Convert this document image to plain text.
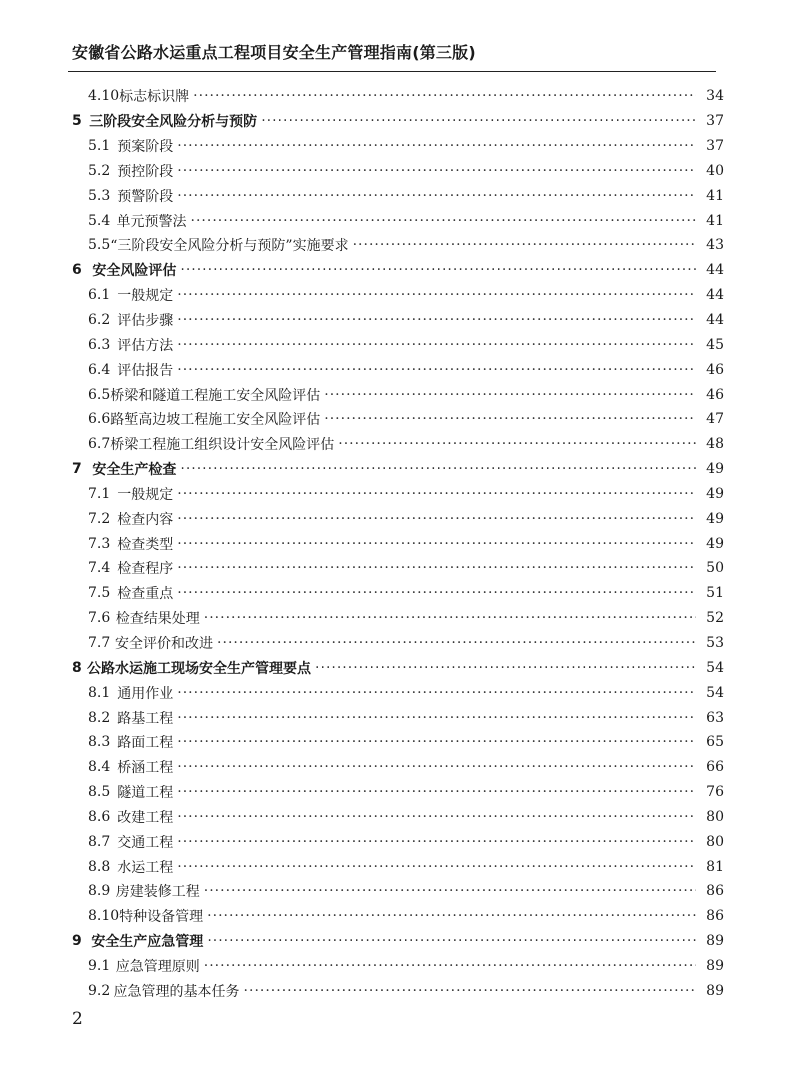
安徽省公路水运重点工程项目安全生产管理指南(第三版)
4.10 标志标识牌 ·····	34
5 三阶段安全风险分析与预防 ·····	37
5.1 预案阶段 ·····	37
5.2 预控阶段 ·····	40
5.3 预警阶段 ·····	41
5.4 单元预警法 ·····	41
5.5 “三阶段安全风险分析与预防”实施要求 ·····	43
6 安全风险评估 ·····	44
6.1 一般规定 ·····	44
6.2 评估步骤 ·····	44
6.3 评估方法 ·····	45
6.4 评估报告 ·····	46
6.5 桥梁和隧道工程施工安全风险评估 ·····	46
6.6 路堑高边坡工程施工安全风险评估 ·····	47
6.7 桥梁工程施工组织设计安全风险评估 ·····	48
7 安全生产检查 ·····	49
7.1 一般规定 ·····	49
7.2 检查内容 ·····	49
7.3 检查类型 ·····	49
7.4 检查程序 ·····	50
7.5 检查重点 ·····	51
7.6 检查结果处理 ·····	52
7.7 安全评价和改进 ·····	53
8 公路水运施工现场安全生产管理要点 ·····	54
8.1 通用作业 ·····	54
8.2 路基工程 ·····	63
8.3 路面工程 ·····	65
8.4 桥涵工程 ·····	66
8.5 隧道工程 ·····	76
8.6 改建工程 ·····	80
8.7 交通工程 ·····	80
8.8 水运工程 ·····	81
8.9 房建装修工程 ·····	86
8.10 特种设备管理 ·····	86
9 安全生产应急管理 ·····	89
9.1 应急管理原则 ·····	89
9.2 应急管理的基本任务 ·····	89
2
